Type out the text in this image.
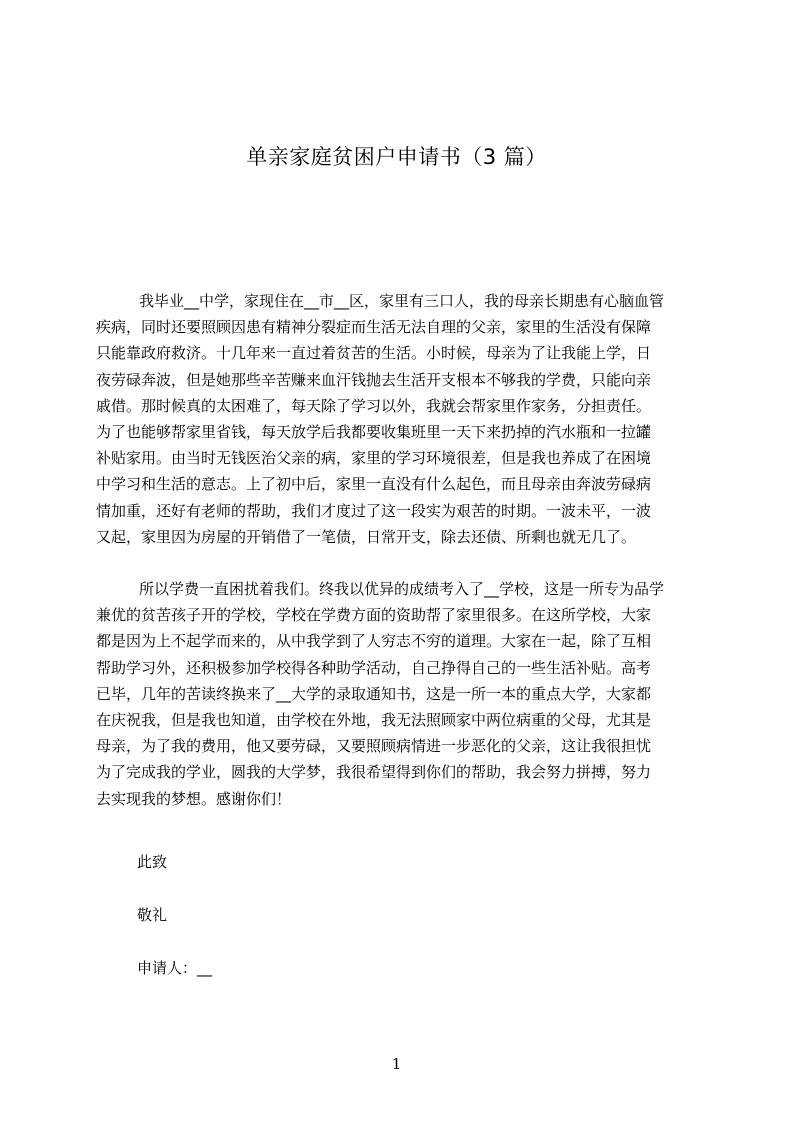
单亲家庭贫困户申请书（3 篇）
我毕业__中学，家现住在__市__区，家里有三口人，我的母亲长期患有心脑血管
疾病，同时还要照顾因患有精神分裂症而生活无法自理的父亲，家里的生活没有保障
只能靠政府救济。十几年来一直过着贫苦的生活。小时候，母亲为了让我能上学，日
夜劳碌奔波，但是她那些辛苦赚来血汗钱抛去生活开支根本不够我的学费，只能向亲
戚借。那时候真的太困难了，每天除了学习以外，我就会帮家里作家务，分担责任。
为了也能够帮家里省钱，每天放学后我都要收集班里一天下来扔掉的汽水瓶和一拉罐
补贴家用。由当时无钱医治父亲的病，家里的学习环境很差，但是我也养成了在困境
中学习和生活的意志。上了初中后，家里一直没有什么起色，而且母亲由奔波劳碌病
情加重，还好有老师的帮助，我们才度过了这一段实为艰苦的时期。一波未平，一波
又起，家里因为房屋的开销借了一笔债，日常开支，除去还债、所剩也就无几了。
所以学费一直困扰着我们。终我以优异的成绩考入了__学校，这是一所专为品学
兼优的贫苦孩子开的学校，学校在学费方面的资助帮了家里很多。在这所学校，大家
都是因为上不起学而来的，从中我学到了人穷志不穷的道理。大家在一起，除了互相
帮助学习外，还积极参加学校得各种助学活动，自己挣得自己的一些生活补贴。高考
已毕，几年的苦读终换来了__大学的录取通知书，这是一所一本的重点大学，大家都
在庆祝我，但是我也知道，由学校在外地，我无法照顾家中两位病重的父母，尤其是
母亲，为了我的费用，他又要劳碌，又要照顾病情进一步恶化的父亲，这让我很担忧
为了完成我的学业，圆我的大学梦，我很希望得到你们的帮助，我会努力拼搏，努力
去实现我的梦想。感谢你们！
此致
敬礼
申请人：__
1
